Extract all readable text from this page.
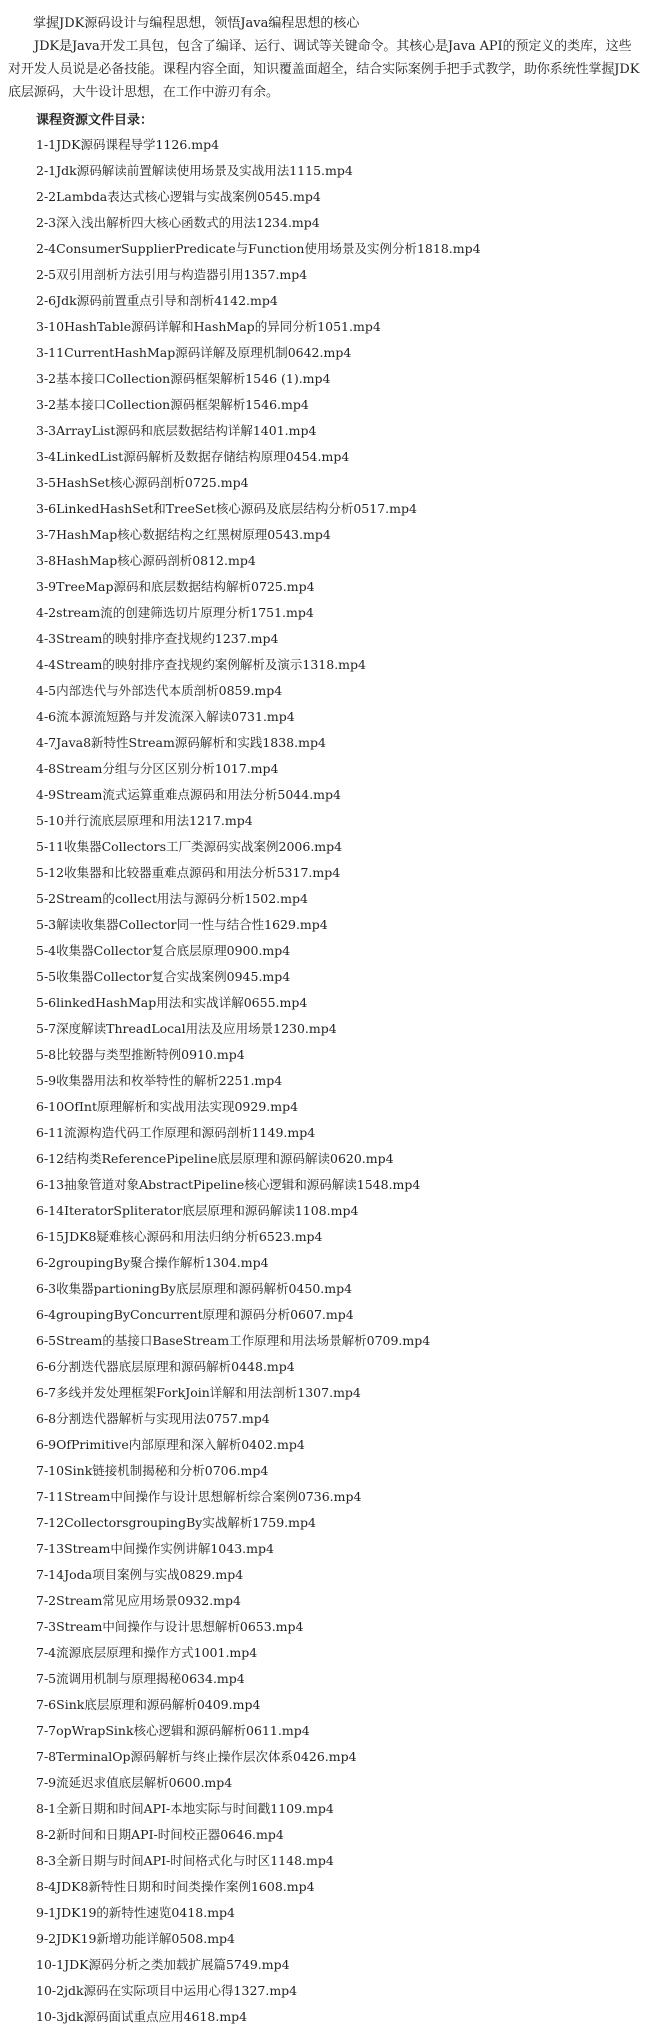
掌握JDK源码设计与编程思想，领悟Java编程思想的核心
JDK是Java开发工具包，包含了编译、运行、调试等关键命令。其核心是Java API的预定义的类库，这些对开发人员说是必备技能。课程内容全面，知识覆盖面超全，结合实际案例手把手式教学，助你系统性掌握JDK底层源码，大牛设计思想，在工作中游刃有余。
课程资源文件目录：
1-1JDK源码课程导学1126.mp4
2-1Jdk源码解读前置解读使用场景及实战用法1115.mp4
2-2Lambda表达式核心逻辑与实战案例0545.mp4
2-3深入浅出解析四大核心函数式的用法1234.mp4
2-4ConsumerSupplierPredicate与Function使用场景及实例分析1818.mp4
2-5双引用剖析方法引用与构造器引用1357.mp4
2-6Jdk源码前置重点引导和剖析4142.mp4
3-10HashTable源码详解和HashMap的异同分析1051.mp4
3-11CurrentHashMap源码详解及原理机制0642.mp4
3-2基本接口Collection源码框架解析1546 (1).mp4
3-2基本接口Collection源码框架解析1546.mp4
3-3ArrayList源码和底层数据结构详解1401.mp4
3-4LinkedList源码解析及数据存储结构原理0454.mp4
3-5HashSet核心源码剖析0725.mp4
3-6LinkedHashSet和TreeSet核心源码及底层结构分析0517.mp4
3-7HashMap核心数据结构之红黑树原理0543.mp4
3-8HashMap核心源码剖析0812.mp4
3-9TreeMap源码和底层数据结构解析0725.mp4
4-2stream流的创建筛选切片原理分析1751.mp4
4-3Stream的映射排序查找规约1237.mp4
4-4Stream的映射排序查找规约案例解析及演示1318.mp4
4-5内部迭代与外部迭代本质剖析0859.mp4
4-6流本源流短路与并发流深入解读0731.mp4
4-7Java8新特性Stream源码解析和实践1838.mp4
4-8Stream分组与分区区别分析1017.mp4
4-9Stream流式运算重难点源码和用法分析5044.mp4
5-10并行流底层原理和用法1217.mp4
5-11收集器Collectors工厂类源码实战案例2006.mp4
5-12收集器和比较器重难点源码和用法分析5317.mp4
5-2Stream的collect用法与源码分析1502.mp4
5-3解读收集器Collector同一性与结合性1629.mp4
5-4收集器Collector复合底层原理0900.mp4
5-5收集器Collector复合实战案例0945.mp4
5-6linkedHashMap用法和实战详解0655.mp4
5-7深度解读ThreadLocal用法及应用场景1230.mp4
5-8比较器与类型推断特例0910.mp4
5-9收集器用法和枚举特性的解析2251.mp4
6-10OfInt原理解析和实战用法实现0929.mp4
6-11流源构造代码工作原理和源码剖析1149.mp4
6-12结构类ReferencePipeline底层原理和源码解读0620.mp4
6-13抽象管道对象AbstractPipeline核心逻辑和源码解读1548.mp4
6-14IteratorSpliterator底层原理和源码解读1108.mp4
6-15JDK8疑难核心源码和用法归纳分析6523.mp4
6-2groupingBy聚合操作解析1304.mp4
6-3收集器partioningBy底层原理和源码解析0450.mp4
6-4groupingByConcurrent原理和源码分析0607.mp4
6-5Stream的基接口BaseStream工作原理和用法场景解析0709.mp4
6-6分割迭代器底层原理和源码解析0448.mp4
6-7多线并发处理框架ForkJoin详解和用法剖析1307.mp4
6-8分割迭代器解析与实现用法0757.mp4
6-9OfPrimitive内部原理和深入解析0402.mp4
7-10Sink链接机制揭秘和分析0706.mp4
7-11Stream中间操作与设计思想解析综合案例0736.mp4
7-12CollectorsgroupingBy实战解析1759.mp4
7-13Stream中间操作实例讲解1043.mp4
7-14Joda项目案例与实战0829.mp4
7-2Stream常见应用场景0932.mp4
7-3Stream中间操作与设计思想解析0653.mp4
7-4流源底层原理和操作方式1001.mp4
7-5流调用机制与原理揭秘0634.mp4
7-6Sink底层原理和源码解析0409.mp4
7-7opWrapSink核心逻辑和源码解析0611.mp4
7-8TerminalOp源码解析与终止操作层次体系0426.mp4
7-9流延迟求值底层解析0600.mp4
8-1全新日期和时间API-本地实际与时间戳1109.mp4
8-2新时间和日期API-时间校正器0646.mp4
8-3全新日期与时间API-时间格式化与时区1148.mp4
8-4JDK8新特性日期和时间类操作案例1608.mp4
9-1JDK19的新特性速览0418.mp4
9-2JDK19新增功能详解0508.mp4
10-1JDK源码分析之类加载扩展篇5749.mp4
10-2jdk源码在实际项目中运用心得1327.mp4
10-3jdk源码面试重点应用4618.mp4
